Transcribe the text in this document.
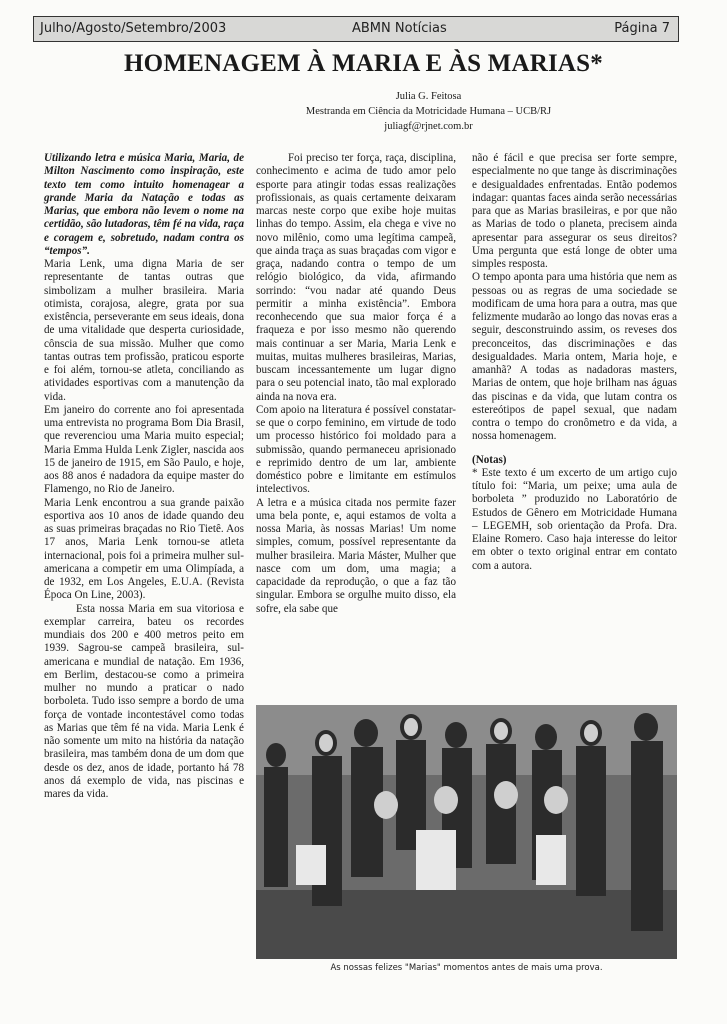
Julho/Agosto/Setembro/2003	ABMN Notícias	Página 7
HOMENAGEM À MARIA E ÀS MARIAS*
Julia G. Feitosa
Mestranda em Ciência da Motricidade Humana – UCB/RJ
juliagf@rjnet.com.br

Utilizando letra e música Maria, Maria, de Milton Nascimento como inspiração, este texto tem como intuito homenagear a grande Maria da Natação e todas as Marias, que embora não levem o nome na certidão, são lutadoras, têm fé na vida, raça e coragem e, sobretudo, nadam contra os “tempos”.

Maria Lenk, uma digna Maria de ser representante de tantas outras que simbolizam a mulher brasileira. Maria otimista, corajosa, alegre, grata por sua existência, perseverante em seus ideais, dona de uma vitalidade que desperta curiosidade, cônscia de sua missão. Mulher que como tantas outras tem profissão, praticou esporte e foi além, tornou-se atleta, conciliando as atividades esportivas com a manutenção da vida.

Em janeiro do corrente ano foi apresentada uma entrevista no programa Bom Dia Brasil, que reverenciou uma Maria muito especial; Maria Emma Hulda Lenk Zigler, nascida aos 15 de janeiro de 1915, em São Paulo, e hoje, aos 88 anos é nadadora da equipe master do Flamengo, no Rio de Janeiro.

Maria Lenk encontrou a sua grande paixão esportiva aos 10 anos de idade quando deu as suas primeiras braçadas no Rio Tietê. Aos 17 anos, Maria Lenk tornou-se atleta internacional, pois foi a primeira mulher sul-americana a competir em uma Olimpíada, a de 1932, em Los Angeles, E.U.A. (Revista Época On Line, 2003).

Esta nossa Maria em sua vitoriosa e exemplar carreira, bateu os recordes mundiais dos 200 e 400 metros peito em 1939. Sagrou-se campeã brasileira, sul-americana e mundial de natação. Em 1936, em Berlim, destacou-se como a primeira mulher no mundo a praticar o nado borboleta. Tudo isso sempre a bordo de uma força de vontade incontestável como todas as Marias que têm fé na vida. Maria Lenk é não somente um mito na história da natação brasileira, mas também dona de um dom que desde os dez, anos de idade, portanto há 78 anos dá exemplo de vida, nas piscinas e mares da vida.

Foi preciso ter força, raça, disciplina, conhecimento e acima de tudo amor pelo esporte para atingir todas essas realizações profissionais, as quais certamente deixaram marcas neste corpo que exibe hoje muitas linhas do tempo. Assim, ela chega e vive no novo milênio, como uma legítima campeã, que ainda traça as suas braçadas com vigor e graça, nadando contra o tempo de um relógio biológico, da vida, afirmando sorrindo: “vou nadar até quando Deus permitir a minha existência”. Embora reconhecendo que sua maior força é a fraqueza e por isso mesmo não querendo mais continuar a ser Maria, Maria Lenk e muitas, muitas mulheres brasileiras, Marias, buscam incessantemente um lugar digno para o seu potencial inato, tão mal explorado ainda na nova era.

Com apoio na literatura é possível constatar-se que o corpo feminino, em virtude de todo um processo histórico foi moldado para a submissão, quando permaneceu aprisionado e reprimido dentro de um lar, ambiente doméstico pobre e limitante em estímulos intelectivos.

A letra e a música citada nos permite fazer uma bela ponte, e, aqui estamos de volta a nossa Maria, às nossas Marias! Um nome simples, comum, possível representante da mulher brasileira. Maria Máster, Mulher que nasce com um dom, uma magia; a capacidade da reprodução, o que a faz tão singular. Embora se orgulhe muito disso, ela sofre, ela sabe que

não é fácil e que precisa ser forte sempre, especialmente no que tange às discriminações e desigualdades enfrentadas. Então podemos indagar: quantas faces ainda serão necessárias para que as Marias brasileiras, e por que não as Marias de todo o planeta, precisem ainda apresentar para assegurar os seus direitos? Uma pergunta que está longe de obter uma simples resposta.

O tempo aponta para uma história que nem as pessoas ou as regras de uma sociedade se modificam de uma hora para a outra, mas que felizmente mudarão ao longo das novas eras a seguir, desconstruindo assim, os reveses dos preconceitos, das discriminações e das desigualdades. Maria ontem, Maria hoje, e amanhã? A todas as nadadoras masters, Marias de ontem, que hoje brilham nas águas das piscinas e da vida, que lutam contra os estereótipos de papel sexual, que nadam contra o tempo do cronômetro e da vida, a nossa homenagem.

(Notas)

* Este texto é um excerto de um artigo cujo título foi: “Maria, um peixe; uma aula de borboleta ” produzido no Laboratório de Estudos de Gênero em Motricidade Humana – LEGEMH, sob orientação da Profa. Dra. Elaine Romero. Caso haja interesse do leitor em obter o texto original entrar em contato com a autora.

As nossas felizes "Marias" momentos antes de mais uma prova.
